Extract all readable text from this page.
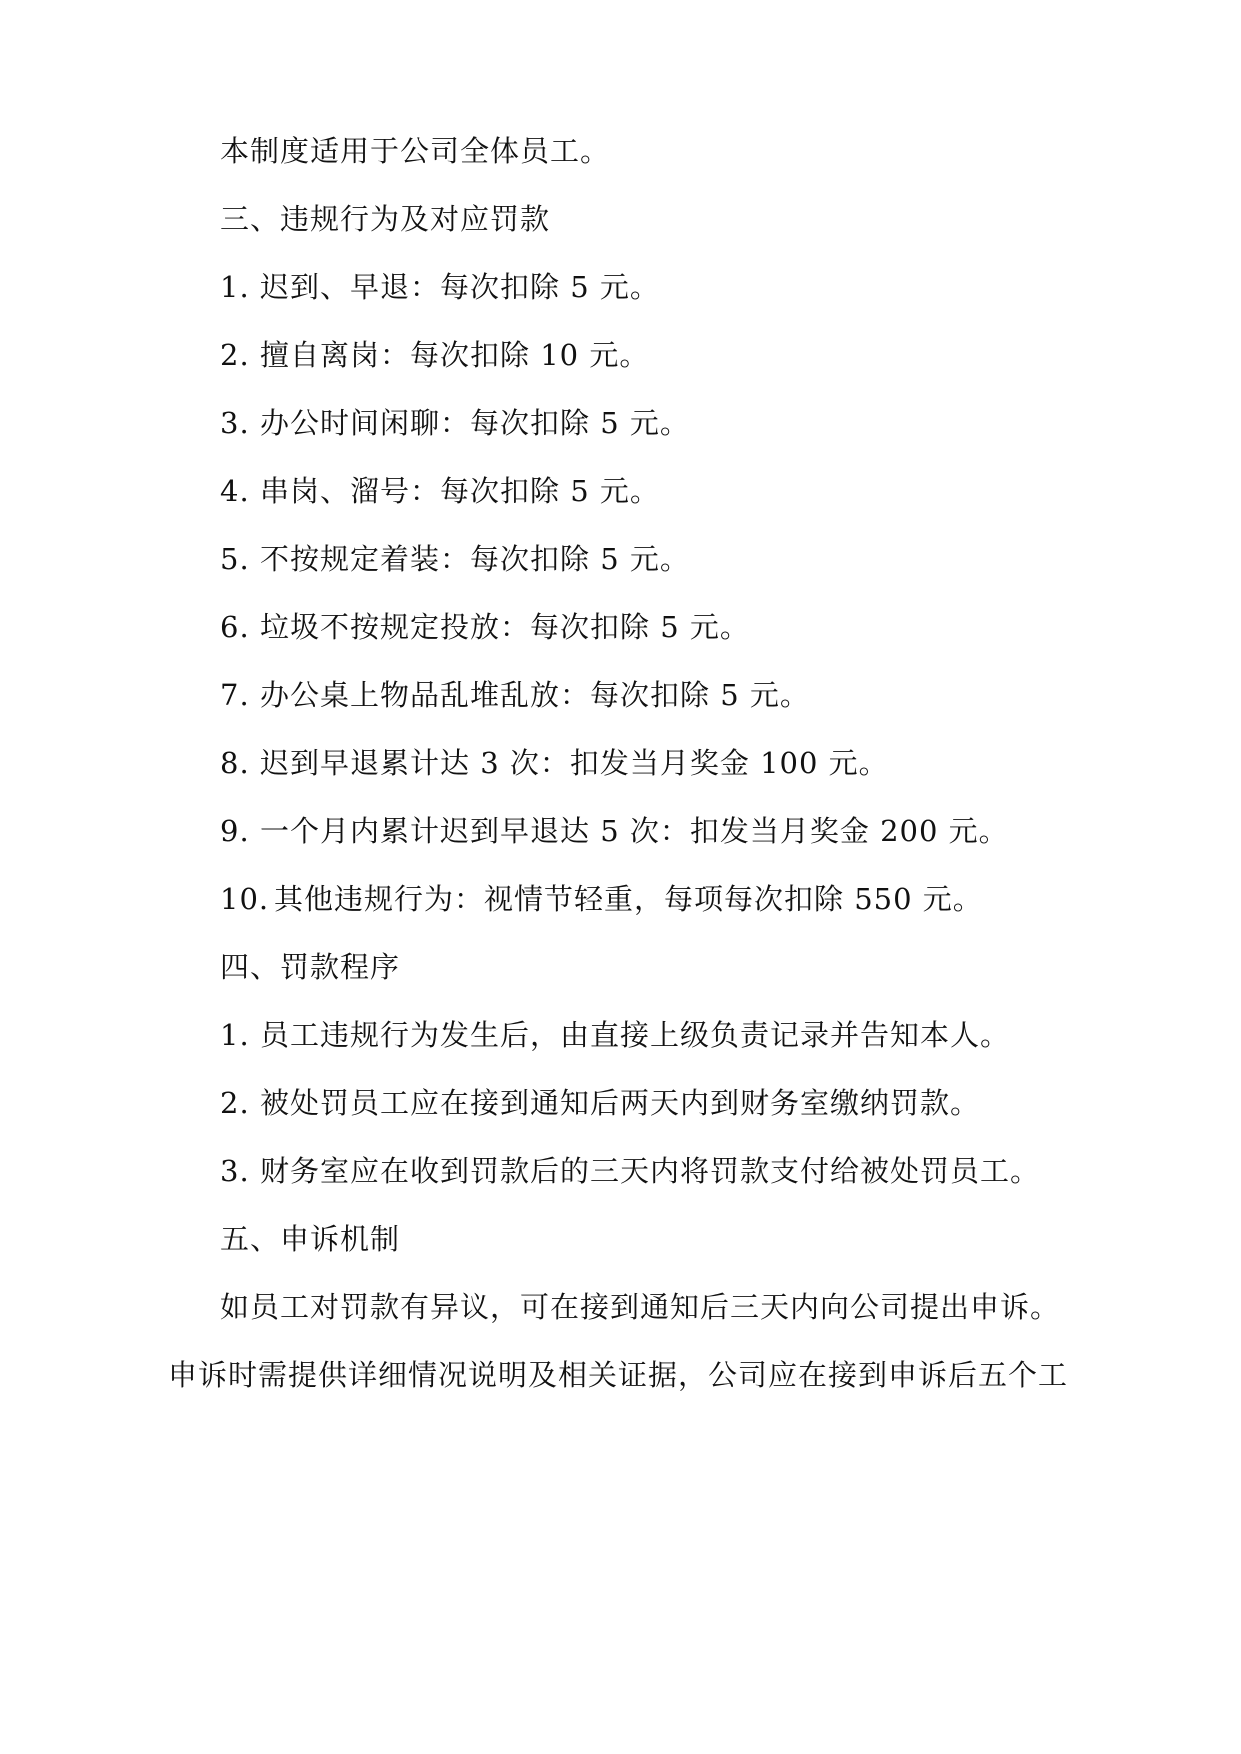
本制度适用于公司全体员工。
三、违规行为及对应罚款
1. 迟到、早退：每次扣除 5 元。
2. 擅自离岗：每次扣除 10 元。
3. 办公时间闲聊：每次扣除 5 元。
4. 串岗、溜号：每次扣除 5 元。
5. 不按规定着装：每次扣除 5 元。
6. 垃圾不按规定投放：每次扣除 5 元。
7. 办公桌上物品乱堆乱放：每次扣除 5 元。
8. 迟到早退累计达 3 次：扣发当月奖金 100 元。
9. 一个月内累计迟到早退达 5 次：扣发当月奖金 200 元。
10. 其他违规行为：视情节轻重，每项每次扣除 550 元。
四、罚款程序
1. 员工违规行为发生后，由直接上级负责记录并告知本人。
2. 被处罚员工应在接到通知后两天内到财务室缴纳罚款。
3. 财务室应在收到罚款后的三天内将罚款支付给被处罚员工。
五、申诉机制
如员工对罚款有异议，可在接到通知后三天内向公司提出申诉。
申诉时需提供详细情况说明及相关证据，公司应在接到申诉后五个工
